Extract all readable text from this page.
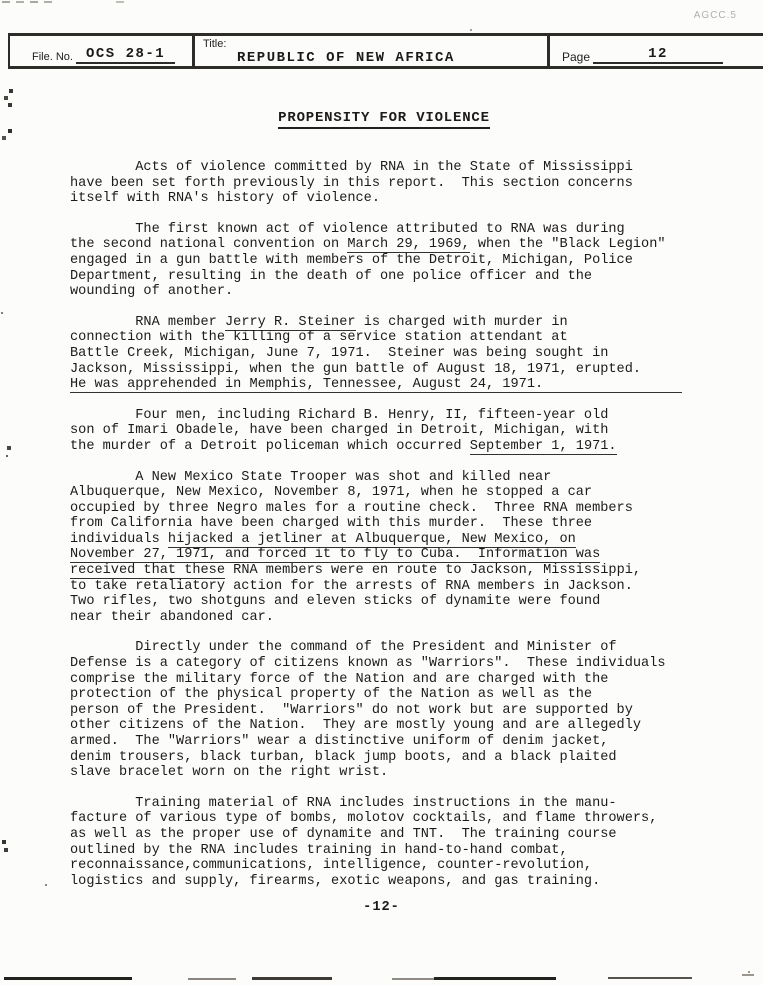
AGCC.5
File. No. OCS 28-1
Title:
REPUBLIC OF NEW AFRICA	Page	12
PROPENSITY FOR VIOLENCE
Acts of violence committed by RNA in the State of Mississippi
have been set forth previously in this report.  This section concerns
itself with RNA's history of violence.
The first known act of violence attributed to RNA was during
the second national convention on March 29, 1969, when the "Black Legion"
engaged in a gun battle with members of the Detroit, Michigan, Police
Department, resulting in the death of one police officer and the
wounding of another.
RNA member Jerry R. Steiner is charged with murder in
connection with the killing of a service station attendant at
Battle Creek, Michigan, June 7, 1971.  Steiner was being sought in
Jackson, Mississippi, when the gun battle of August 18, 1971, erupted.
He was apprehended in Memphis, Tennessee, August 24, 1971.
Four men, including Richard B. Henry, II, fifteen-year old
son of Imari Obadele, have been charged in Detroit, Michigan, with
the murder of a Detroit policeman which occurred September 1, 1971.
A New Mexico State Trooper was shot and killed near
Albuquerque, New Mexico, November 8, 1971, when he stopped a car
occupied by three Negro males for a routine check.  Three RNA members
from California have been charged with this murder.  These three
individuals hijacked a jetliner at Albuquerque, New Mexico, on
November 27, 1971, and forced it to fly to Cuba.  Information was
received that these RNA members were en route to Jackson, Mississippi,
to take retaliatory action for the arrests of RNA members in Jackson.
Two rifles, two shotguns and eleven sticks of dynamite were found
near their abandoned car.
Directly under the command of the President and Minister of
Defense is a category of citizens known as "Warriors".  These individuals
comprise the military force of the Nation and are charged with the
protection of the physical property of the Nation as well as the
person of the President.  "Warriors" do not work but are supported by
other citizens of the Nation.  They are mostly young and are allegedly
armed.  The "Warriors" wear a distinctive uniform of denim jacket,
denim trousers, black turban, black jump boots, and a black plaited
slave bracelet worn on the right wrist.
Training material of RNA includes instructions in the manu-
facture of various type of bombs, molotov cocktails, and flame throwers,
as well as the proper use of dynamite and TNT.  The training course
outlined by the RNA includes training in hand-to-hand combat,
reconnaissance,communications, intelligence, counter-revolution,
logistics and supply, firearms, exotic weapons, and gas training.
-12-
